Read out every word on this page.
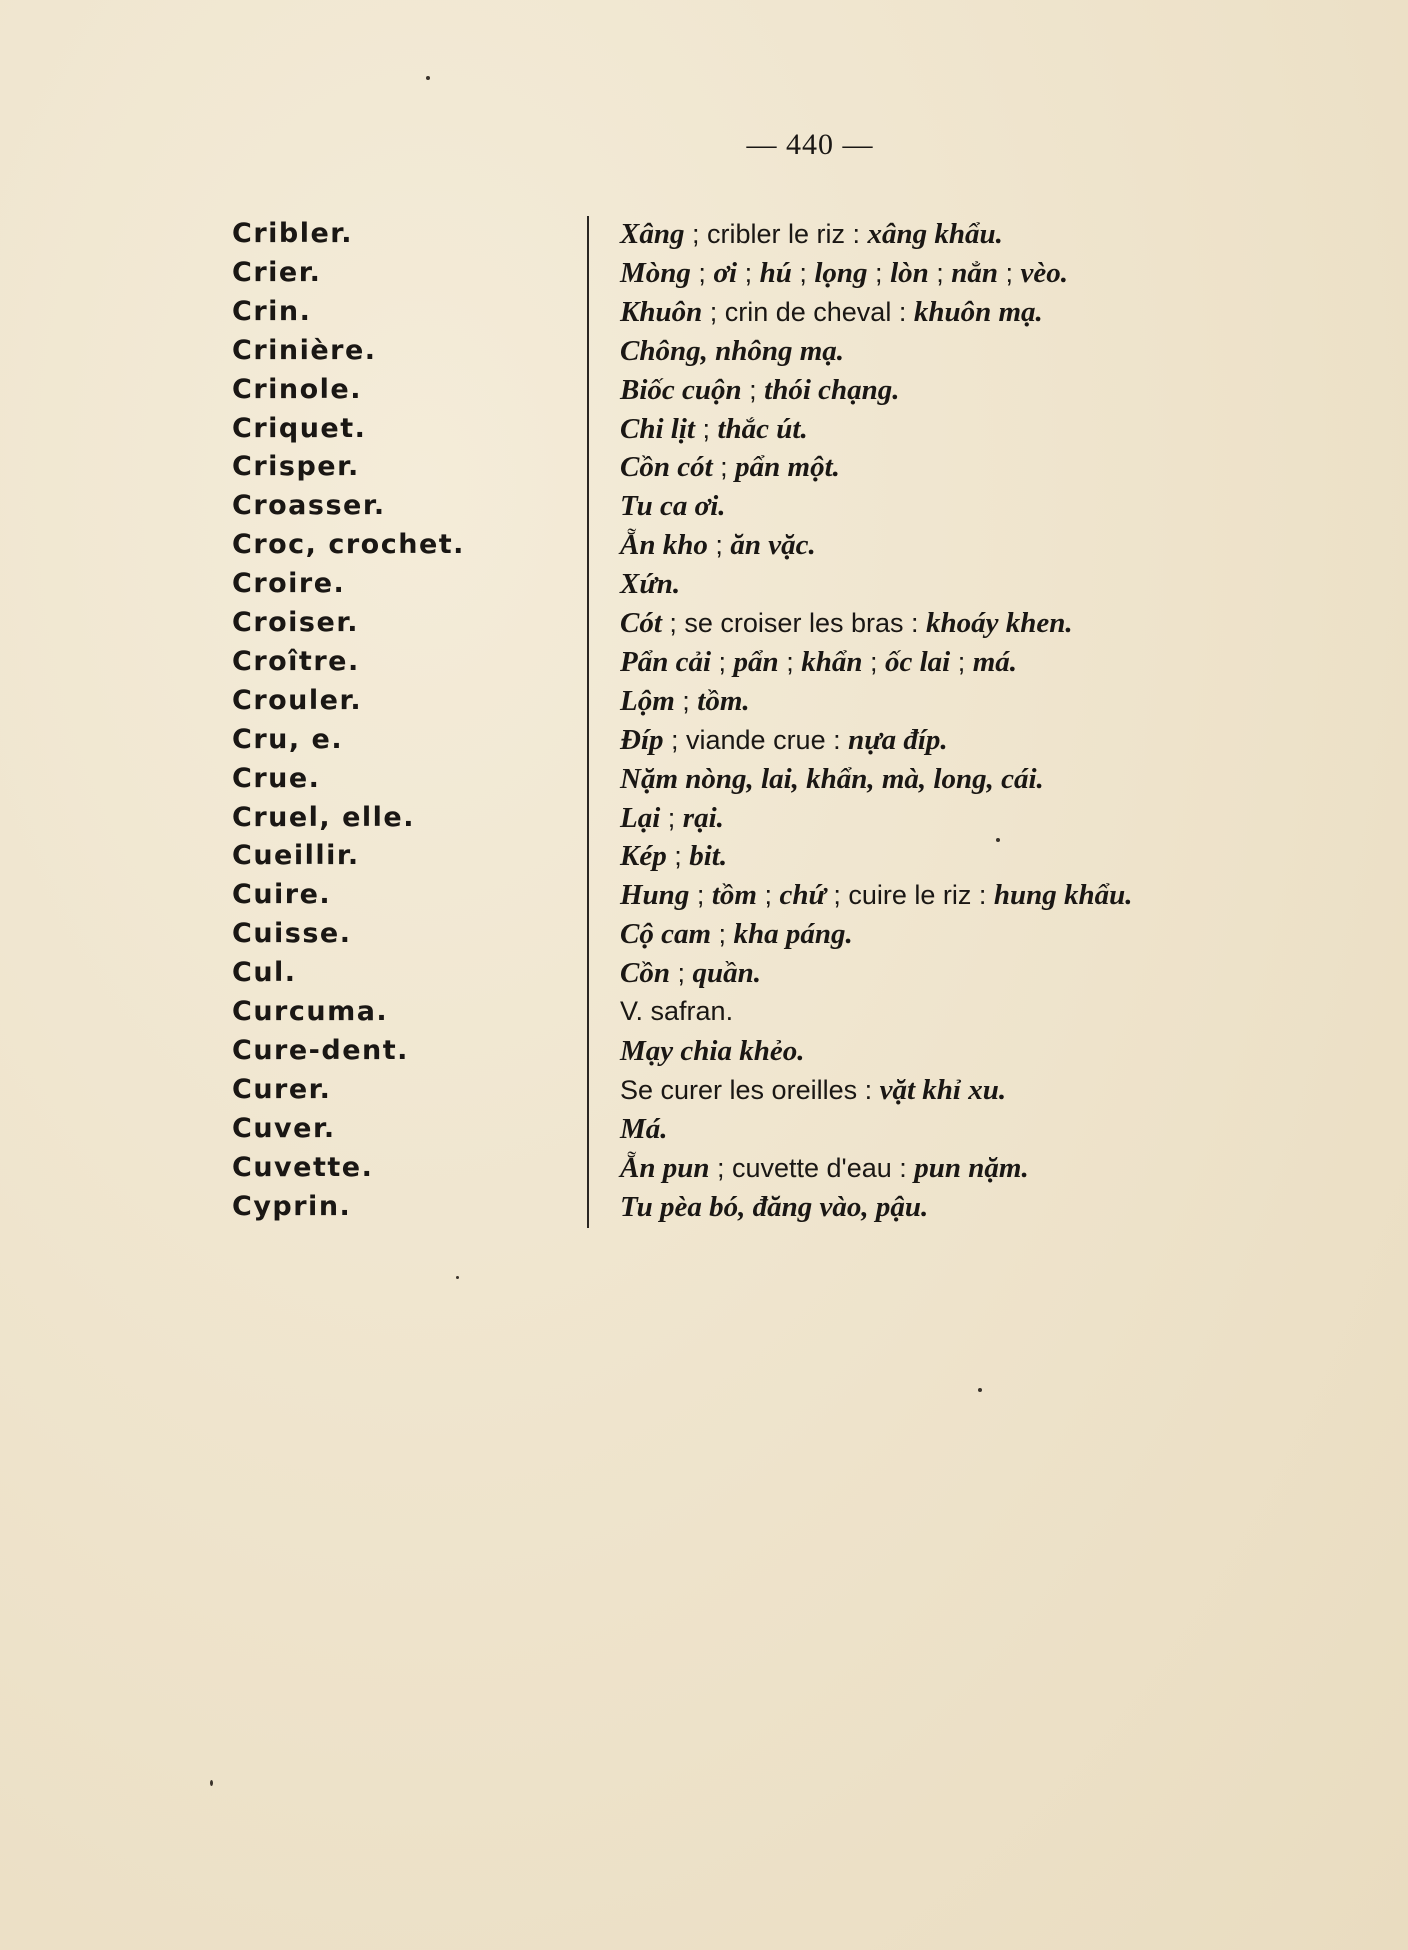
— 440 —
Cribler.	Xâng ; cribler le riz : xâng khẩu.
Crier.	Mòng ; ơi ; hú ; lọng ; lòn ; nẳn ; vèo.
Crin.	Khuôn ; crin de cheval : khuôn mạ.
Crinière.	Chông, nhông mạ.
Crinole.	Biốc cuộn ; thói chạng.
Criquet.	Chi lịt ; thắc út.
Crisper.	Cồn cót ; pẩn một.
Croasser.	Tu ca ơi.
Croc, crochet.	Ẵn kho ; ăn vặc.
Croire.	Xứn.
Croiser.	Cót ; se croiser les bras : khoáy khen.
Croître.	Pẩn cải ; pẩn ; khẩn ; ốc lai ; má.
Crouler.	Lộm ; tồm.
Cru, e.	Đíp ; viande crue : nựa đíp.
Crue.	Nặm nòng, lai, khẩn, mà, long, cái.
Cruel, elle.	Lại ; rại.
Cueillir.	Kép ; bit.
Cuire.	Hung ; tồm ; chứ ; cuire le riz : hung khẩu.
Cuisse.	Cộ cam ; kha páng.
Cul.	Cồn ; quần.
Curcuma.	V. safran.
Cure-dent.	Mạy chia khẻo.
Curer.	Se curer les oreilles : vặt khỉ xu.
Cuver.	Má.
Cuvette.	Ẵn pun ; cuvette d'eau : pun nặm.
Cyprin.	Tu pèa bó, đăng vào, pậu.
